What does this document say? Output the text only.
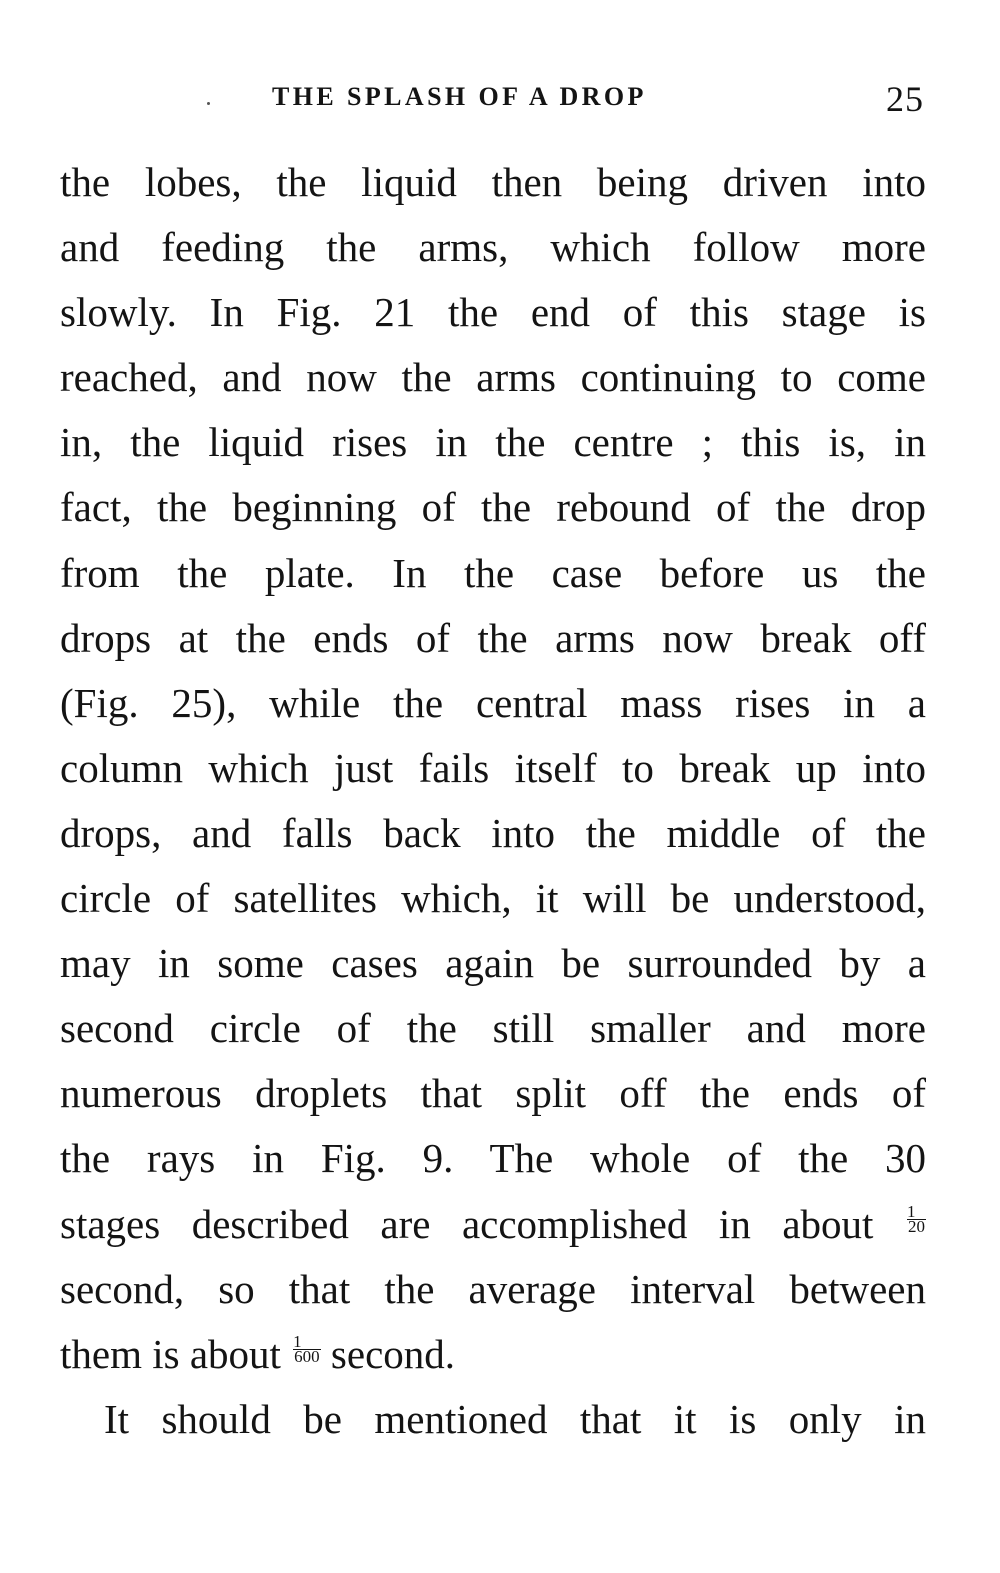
THE SPLASH OF A DROP	25
the lobes, the liquid then being driven into
and feeding the arms, which follow more
slowly. In Fig. 21 the end of this stage is
reached, and now the arms continuing to come
in, the liquid rises in the centre ; this is, in
fact, the beginning of the rebound of the drop
from the plate. In the case before us the
drops at the ends of the arms now break off
(Fig. 25), while the central mass rises in a
column which just fails itself to break up into
drops, and falls back into the middle of the
circle of satellites which, it will be understood,
may in some cases again be surrounded by a
second circle of the still smaller and more
numerous droplets that split off the ends of
the rays in Fig. 9. The whole of the 30
stages described are accomplished in about $\frac{1}{20}$
second, so that the average interval between
them is about $\frac{1}{600}$ second.
It should be mentioned that it is only in
